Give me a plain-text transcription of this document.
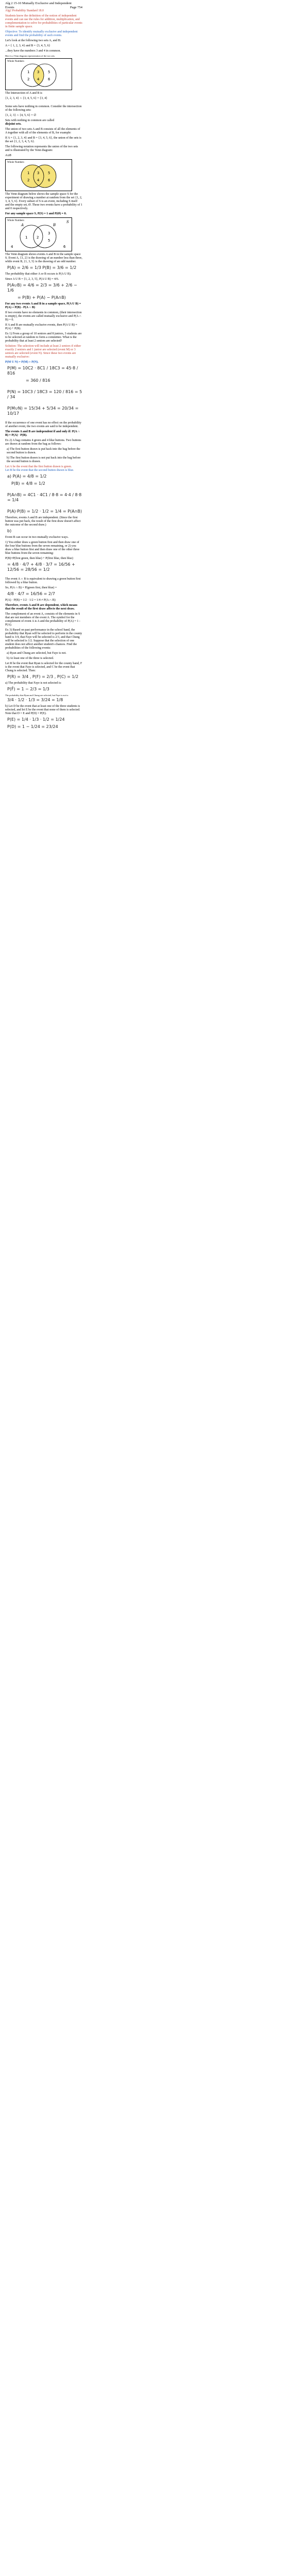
Alg 2 15-10 Mutually Exclusive and Independent
Events	Page 754

Alg2 Probability Standard 18.0

Students know the definition of the notion of independent events and can use the rules for addition, multiplication, and complementation to solve for probabilities of particular events in finite sample space.

Objective: To identify mutually exclusive and independent events and find the probability of such events.

Let's look at the following two sets A, and B:

A = { 1, 2, 3, 4} and B = {3, 4, 5, 6}

...they have the numbers 3 and 4 in common.

Here is a Venn diagram representation of the two sets.
Whole Numbers
1
2
3
4
5
6

The Intersection of A and B is

{1, 2, 3, 4} ∩ {3, 4, 5, 6} = {3, 4}

Some sets have nothing in common. Consider the intersection of the following sets:

{1, 2, 3} ∩ {4, 5, 6} = ∅

Sets with nothing in common are called

disjoint sets.

The union of two sets A and B consists of all the elements of A together with all of the elements of B, for example:

If A = {1, 2, 3, 4} and B = {3, 4, 5, 6}, the union of the sets is the set {1, 2, 3, 4, 5, 6}.

The following notation represents the union of the two sets and is illustrated by the Venn diagram:

A∪B

Whole Numbers
1
2
3
4
5
6

The Venn diagram below shows the sample space S for the experiment of drawing a number at random from the set {1, 2, 3, 4, 5, 6}. Every subset of S is an event, including S itself and the empty set, Ø. These two events have a probability of 1 and 0 respectively.

For any sample space S, P(S) = 1 and P(Ø) = 0.

Whole Numbers	S
A	B
1	2
3
5
4	6

The Venn diagram shows events A and B in the sample space S. Event A, {1, 2} is the drawing of an number less than three, while event B, {1, 3, 5} is the drawing of an odd number.

P(A) = 2/6 = 1/3 P(B) = 3/6 = 1/2

The probability that either A or B occurs is P(A U B).

Since A U B = {1, 2, 3, 5}, P(A U B) = 4/6.

P(A∪B) = 4/6 = 2/3 = 3/6 + 2/6 − 1/6
= P(B) + P(A) − P(A∩B)

For any two events A and B in a sample space, P(A U B) = P(A) + P(B) - P(A ∩ B)

If two events have no elements in common, (their intersection is empty), the events are called mutually exclusive and P(A ∩ B) = 0.

If A and B are mutually exclusive events, then P(A U B) = P(A) + P(B).

Ex 1) From a group of 10 seniors and 8 juniors, 3 students are to be selected at random to form a committee. What is the probability that at least 2 seniors are selected?

Solution: The selection will include at least 2 seniors if either exactly 2 seniors and 1 junior are selected (event M) or 3 seniors are selected (event N). Since these two events are mutually exclusive:

P(M U N) = P(M) + P(N).

P(M) = 10C2 · 8C1 / 18C3 = 45·8 / 816
= 360 / 816
P(N) = 10C3 / 18C3 = 120 / 816 = 5 / 34
P(M∪N) = 15/34 + 5/34 = 20/34 = 10/17

If the occurrence of one event has no effect on the probability of another event, the two events are said to be independent.

The events A and B are independent if and only if: P(A ∩ B) = P(A) · P(B).

Ex 2) A bag contains 4 green and 4 blue buttons. Two buttons are drawn at random from the bag as follows:

a) The first button drawn is put back into the bag before the second button is drawn.

b) The first button drawn is not put back into the bag before the second button is drawn.

Let A be the event that the first button drawn is green.

Let B be the event that the second button drawn is blue.

a) P(A) = 4/8 = 1/2
P(B) = 4/8 = 1/2
P(A∩B) = 4C1 · 4C1 / 8·8 = 4·4 / 8·8 = 1/4
P(A)·P(B) = 1/2 · 1/2 = 1/4 = P(A∩B)

Therefore, events A and B are independent. (Since the first button was put back, the result of the first draw doesn't affect the outcome of the second draw.)

b)

Event B can occur in two mutually exclusive ways.

1) You either draw a green button first and then draw one of the four blue buttons from the seven remaining, or 2) you draw a blue button first and then draw one of the other three blue buttons from the seven remaining:

P(B)=P(first green, then blue) + P(first blue, then blue)

= 4/8 · 4/7 + 4/8 · 3/7 = 16/56 + 12/56 = 28/56 = 1/2

The event A ∩ B is equivalent to drawing a green button first followed by a blue button.

So, P(A ∩ B) = P(green first, then blue) =

4/8 · 4/7 = 16/56 = 2/7

P(A) · P(B) = 1/2 · 1/2 = 1/4 ≠ P(A ∩ B)

Therefore, events A and B are dependent, which means that the result of the first draw affects the next draw.

The complement of an event A, consists of the elements in S that are not members of the event A. The symbol for the complement of event A is A and the probability of P(A) = 1 - P(A).

Ex 3) Based on past performance in the school band, the probability that Ryan will be selected to perform in the county band is 3/4, that Faye will be selected is 2/3, and that Chung will be selected is 1/2. Suppose that the selection of one student does not affect another student's chances. Find the probabilities of the following events:

a) Ryan and Chung are selected, but Faye is not.

b) At least one of the three is selected.

Let R be the event that Ryan is selected for the county band, F is the event that Faye is selected, and C be the event that Chung is selected. Then:

P(R) = 3/4 , P(F) = 2/3 , P(C) = 1/2

a) The probability that Faye is not selected is:

P(F̄) = 1 − 2/3 = 1/3
The probability that Ryan and Chung are selected, but Faye is not is:
3/4 · 1/2 · 1/3 = 3/24 = 1/8

b) Let D be the event that at least one of the three students is selected, and let E be the event that none of them is selected. Note that D = E and P(D) = P(E).

P(E) = 1/4 · 1/3 · 1/2 = 1/24
P(D) = 1 − 1/24 = 23/24
